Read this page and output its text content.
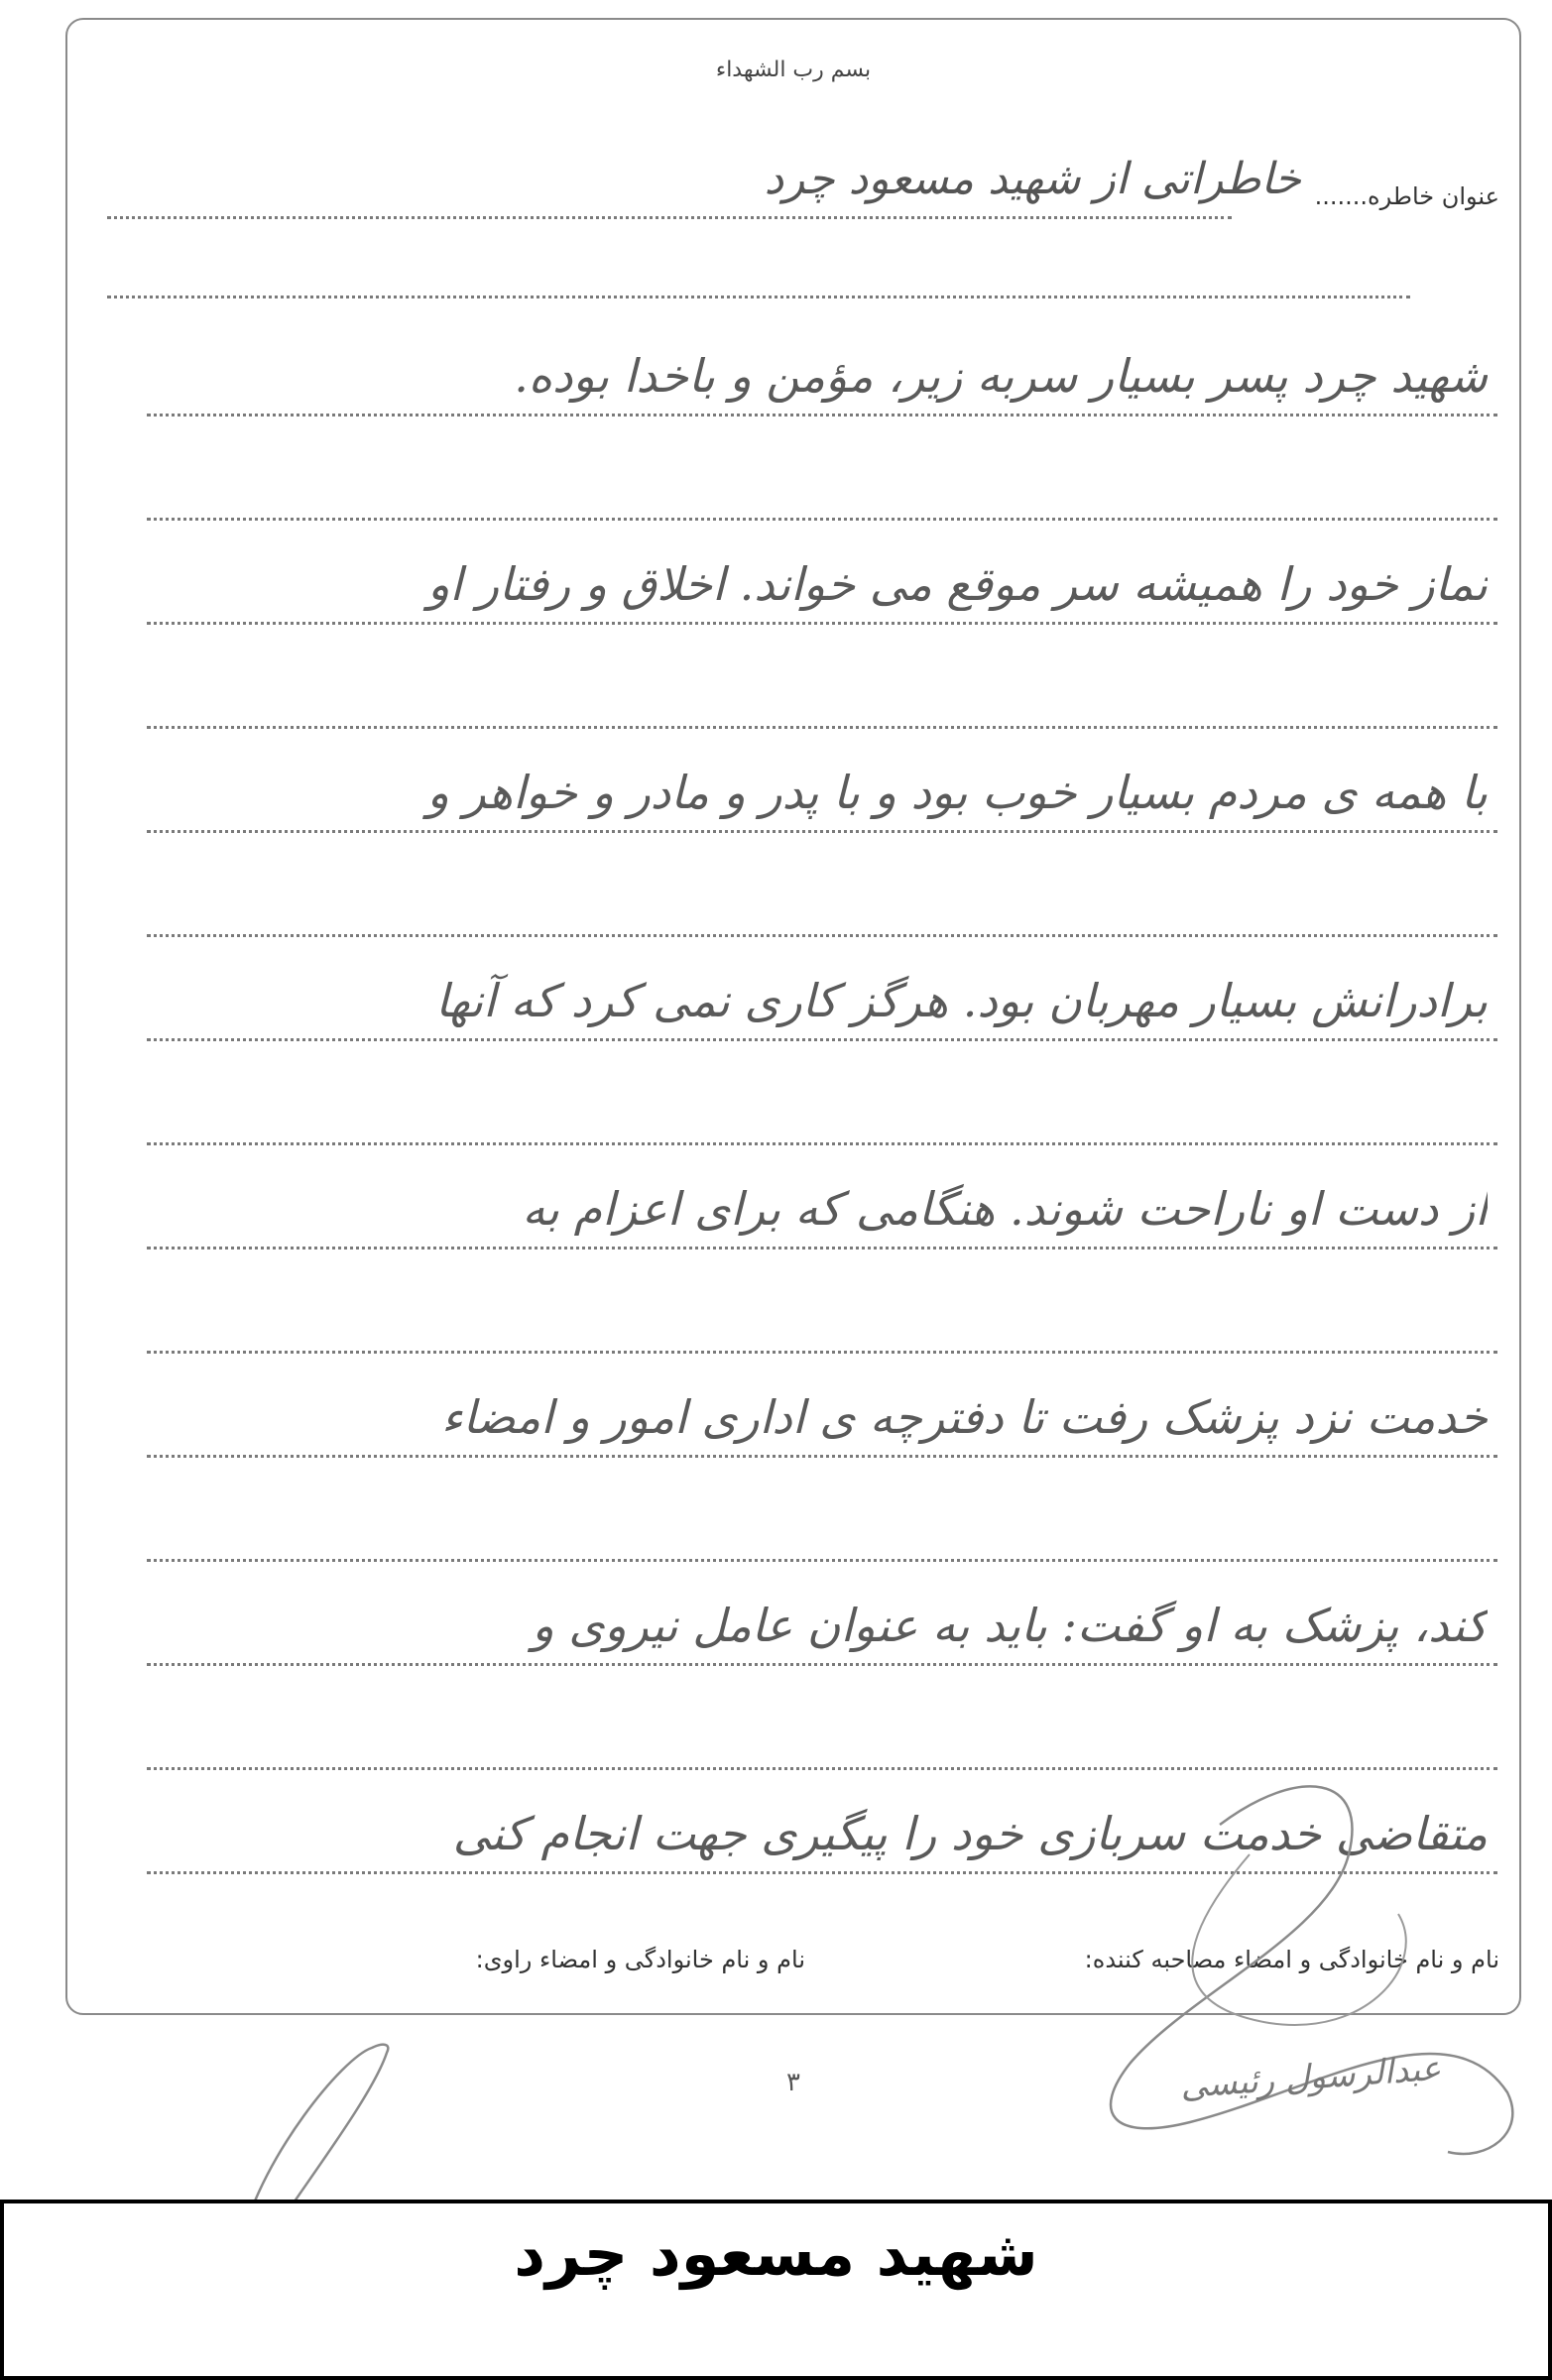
بسم رب الشهداء
عنوان خاطره.......
خاطراتی از شهید مسعود چرد
شهید چرد پسر بسیار سربه زیر، مؤمن و باخدا بوده.
نماز خود را همیشه سر موقع می خواند. اخلاق و رفتار او
با همه ی مردم بسیار خوب بود و با پدر و مادر و خواهر و
برادرانش بسیار مهربان بود. هرگز کاری نمی کرد که آنها
از دست او ناراحت شوند. هنگامی که برای اعزام به
خدمت نزد پزشک رفت تا دفترچه ی اداری امور و امضاء
کند، پزشک به او گفت: باید به عنوان عامل نیروی و
متقاضی خدمت سربازی خود را پیگیری جهت انجام کنی
نام و نام خانوادگی و امضاء مصاحبه کننده:
نام و نام خانوادگی و امضاء راوی:
عبدالرسول رئیسی
۳
شهید مسعود چرد
